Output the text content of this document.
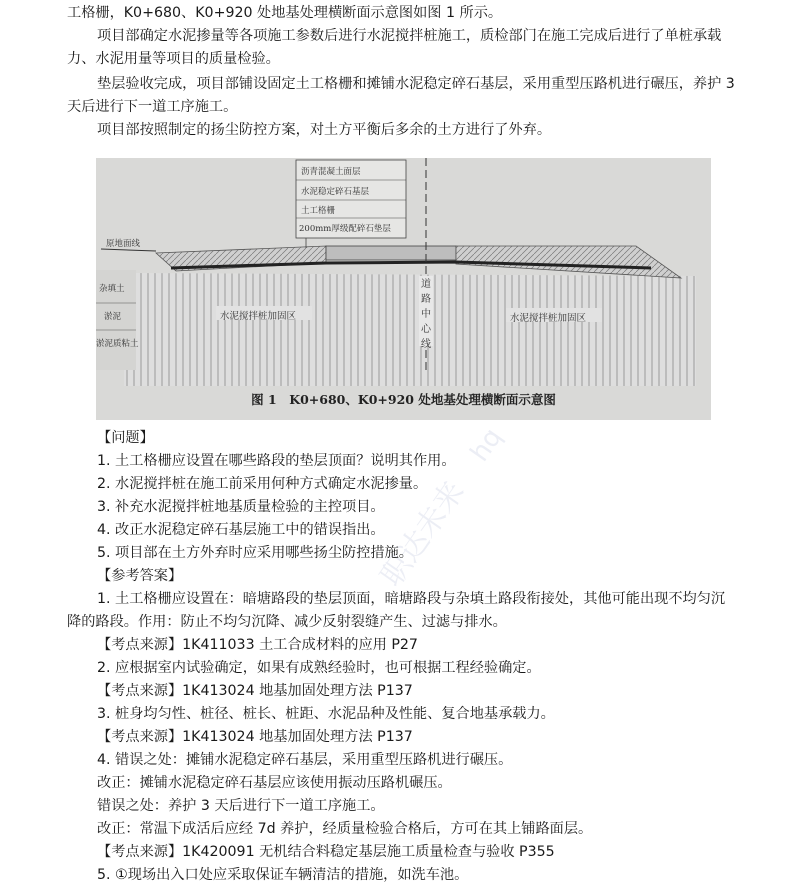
工格栅，K0+680、K0+920 处地基处理横断面示意图如图 1 所示。
项目部确定水泥掺量等各项施工参数后进行水泥搅拌桩施工，质检部门在施工完成后进行了单桩承载
力、水泥用量等项目的质量检验。
垫层验收完成，项目部铺设固定土工格栅和摊铺水泥稳定碎石基层，采用重型压路机进行碾压，养护 3
天后进行下一道工序施工。
项目部按照制定的扬尘防控方案，对土方平衡后多余的土方进行了外弃。
沥青混凝土面层
水泥稳定碎石基层
土工格栅
200mm厚级配碎石垫层
原地面线
杂填土
淤泥
淤泥质粘土
水泥搅拌桩加固区	水泥搅拌桩加固区
道路中心线
图 1　K0+680、K0+920 处地基处理横断面示意图
hq
职达未来
【问题】
1. 土工格栅应设置在哪些路段的垫层顶面？说明其作用。
2. 水泥搅拌桩在施工前采用何种方式确定水泥掺量。
3. 补充水泥搅拌桩地基质量检验的主控项目。
4. 改正水泥稳定碎石基层施工中的错误指出。
5. 项目部在土方外弃时应采用哪些扬尘防控措施。
【参考答案】
1. 土工格栅应设置在：暗塘路段的垫层顶面，暗塘路段与杂填土路段衔接处，其他可能出现不均匀沉
降的路段。作用：防止不均匀沉降、减少反射裂缝产生、过滤与排水。
【考点来源】1K411033 土工合成材料的应用 P27
2. 应根据室内试验确定，如果有成熟经验时，也可根据工程经验确定。
【考点来源】1K413024 地基加固处理方法 P137
3. 桩身均匀性、桩径、桩长、桩距、水泥品种及性能、复合地基承载力。
【考点来源】1K413024 地基加固处理方法 P137
4. 错误之处：摊铺水泥稳定碎石基层，采用重型压路机进行碾压。
改正：摊铺水泥稳定碎石基层应该使用振动压路机碾压。
错误之处：养护 3 天后进行下一道工序施工。
改正：常温下成活后应经 7d 养护，经质量检验合格后，方可在其上铺路面层。
【考点来源】1K420091 无机结合料稳定基层施工质量检查与验收 P355
5. ①现场出入口处应采取保证车辆清洁的措施，如洗车池。
